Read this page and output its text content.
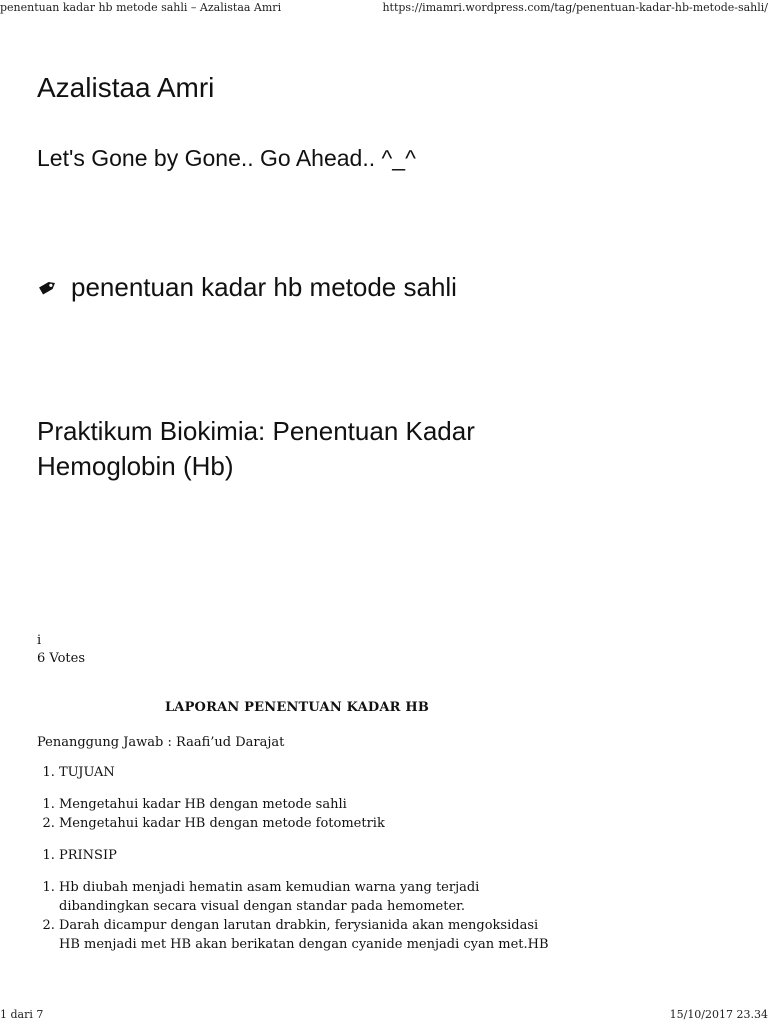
penentuan kadar hb metode sahli – Azalistaa Amri	https://imamri.wordpress.com/tag/penentuan-kadar-hb-metode-sahli/
Azalistaa Amri

Let's Gone by Gone.. Go Ahead.. ^_^

penentuan kadar hb metode sahli
Praktikum Biokimia: Penentuan Kadar Hemoglobin (Hb)
i
6 Votes
LAPORAN PENENTUAN KADAR HB

Penanggung Jawab : Raafi’ud Darajat

1. TUJUAN
1. Mengetahui kadar HB dengan metode sahli
2. Mengetahui kadar HB dengan metode fotometrik
1. PRINSIP
1. Hb diubah menjadi hematin asam kemudian warna yang terjadi dibandingkan secara visual dengan standar pada hemometer.
2. Darah dicampur dengan larutan drabkin, ferysianida akan mengoksidasi HB menjadi met HB akan berikatan dengan cyanide menjadi cyan met.HB
1 dari 7	15/10/2017 23.34
